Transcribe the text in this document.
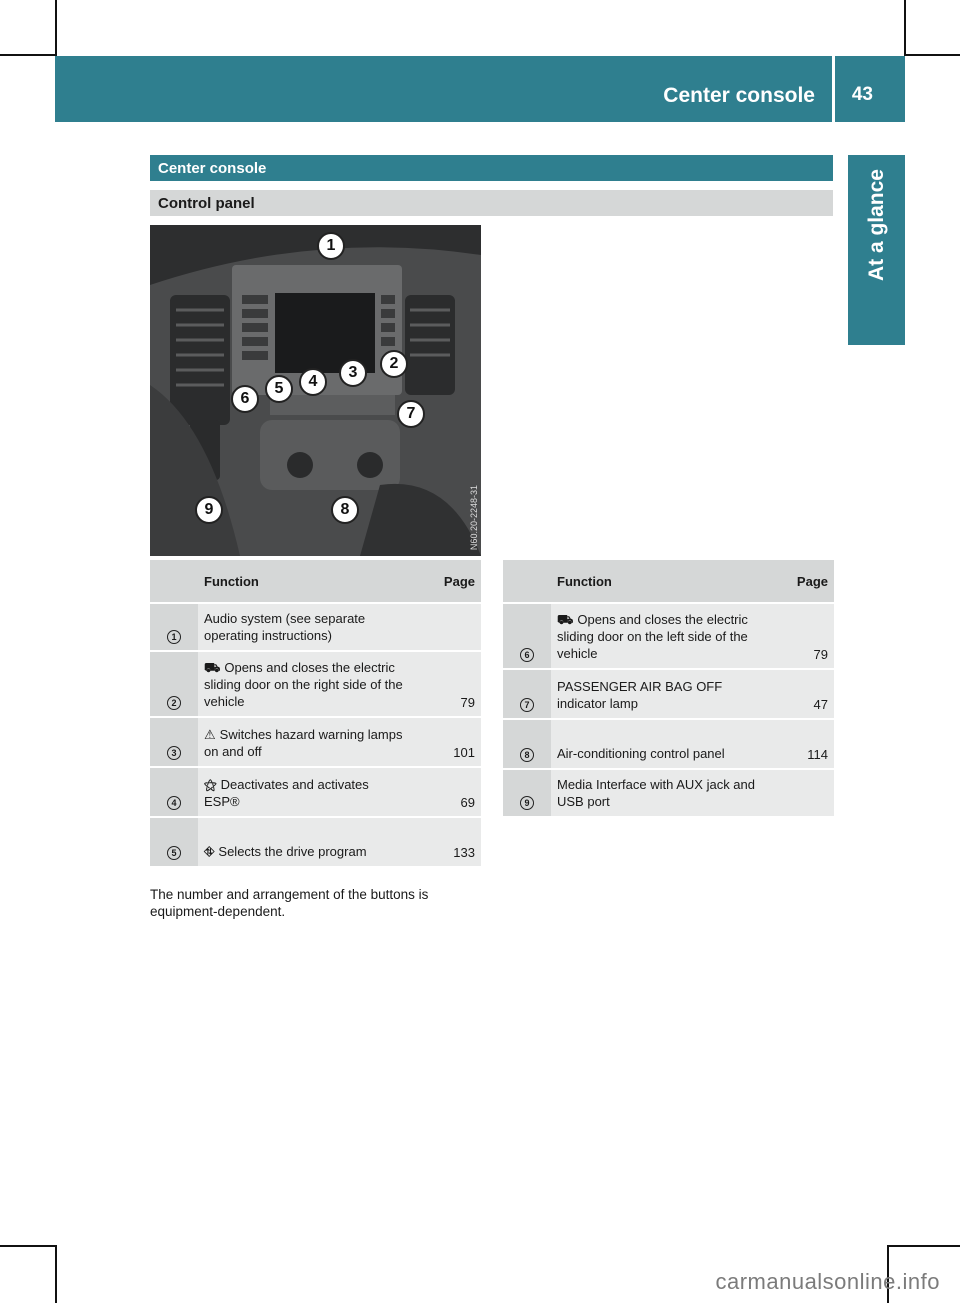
Center console 43
At a glance
Center console
Control panel
1
2
3
4
5
6
7
8
9	N60.20-2248-31
	Function	Page
1	Audio system (see separate operating instructions)	
2	⛟ Opens and closes the electric sliding door on the right side of the vehicle	79
3	⚠ Switches hazard warning lamps on and off	101
4	⚝ Deactivates and activates ESP®	69
5	⛗ Selects the drive program	133
	Function	Page
6	⛟ Opens and closes the electric sliding door on the left side of the vehicle	79
7	PASSENGER AIR BAG OFF indicator lamp	47
8	Air-conditioning control panel	114
9	Media Interface with AUX jack and USB port	
The number and arrangement of the buttons is equipment-dependent.
carmanualsonline.info
